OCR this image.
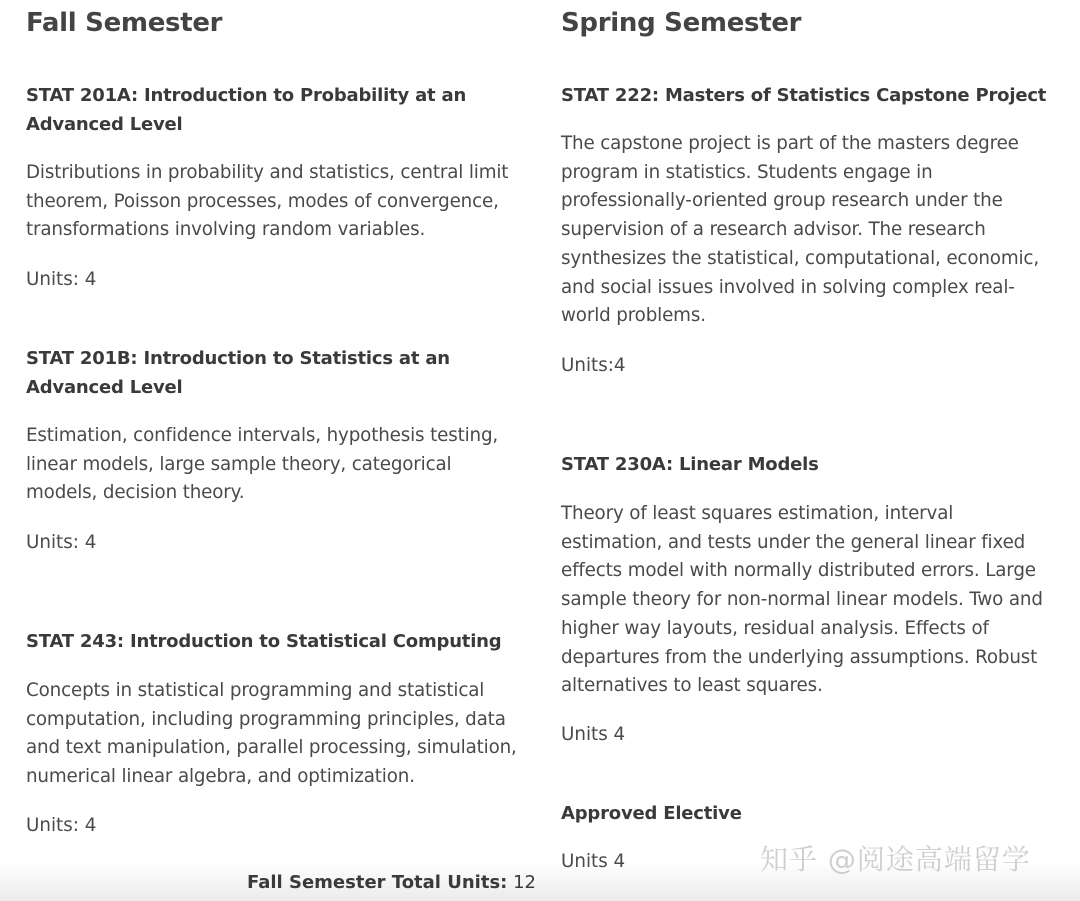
Fall Semester
STAT 201A: Introduction to Probability at an
Advanced Level

Distributions in probability and statistics, central limit
theorem, Poisson processes, modes of convergence,
transformations involving random variables.

Units: 4

STAT 201B: Introduction to Statistics at an
Advanced Level

Estimation, confidence intervals, hypothesis testing,
linear models, large sample theory, categorical
models, decision theory.

Units: 4

STAT 243: Introduction to Statistical Computing

Concepts in statistical programming and statistical
computation, including programming principles, data
and text manipulation, parallel processing, simulation,
numerical linear algebra, and optimization.

Units: 4

Fall Semester Total Units: 12
Spring Semester
STAT 222: Masters of Statistics Capstone Project

The capstone project is part of the masters degree
program in statistics. Students engage in
professionally-oriented group research under the
supervision of a research advisor. The research
synthesizes the statistical, computational, economic,
and social issues involved in solving complex real-
world problems.

Units:4

STAT 230A: Linear Models

Theory of least squares estimation, interval
estimation, and tests under the general linear fixed
effects model with normally distributed errors. Large
sample theory for non-normal linear models. Two and
higher way layouts, residual analysis. Effects of
departures from the underlying assumptions. Robust
alternatives to least squares.

Units 4

Approved Elective

Units 4	知乎 @阅途高端留学
